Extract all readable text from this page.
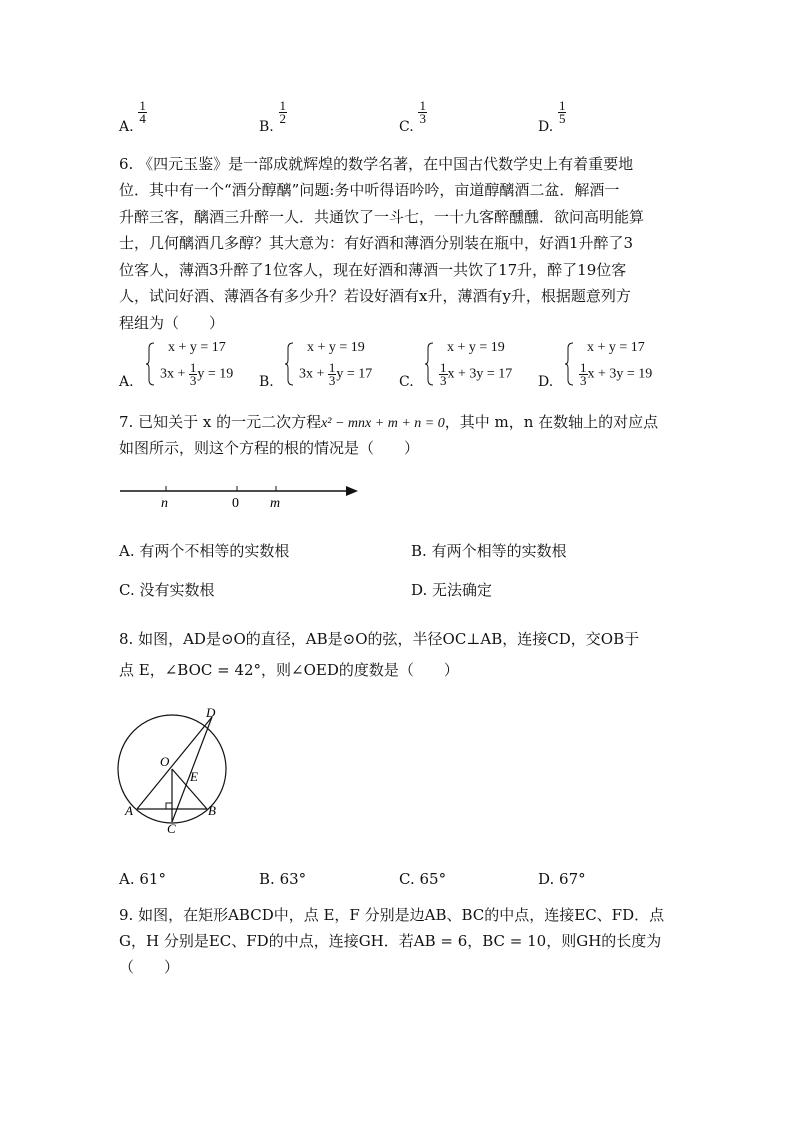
A.
$\frac{1}{4}$
B.
$\frac{1}{2}$
C.
$\frac{1}{3}$
D.
$\frac{1}{5}$
6. 《四元玉鉴》是一部成就辉煌的数学名著，在中国古代数学史上有着重要地
位．其中有一个“酒分醇醨”问题:务中听得语吟吟，亩道醇醨酒二盆．解酒一
升醉三客，醨酒三升醉一人．共通饮了一斗七，一十九客醉醺醺．欲问高明能算
士，几何醨酒几多醇？其大意为：有好酒和薄酒分别装在瓶中，好酒1升醉了3
位客人，薄酒3升醉了1位客人，现在好酒和薄酒一共饮了17升，醉了19位客
人，试问好酒、薄酒各有多少升？若设好酒有x升，薄酒有y升，根据题意列方
程组为（　　）
A.
x + y = 17
$3x + \frac{1}{3}$ y = 19 B.
x + y = 19
$3x + \frac{1}{3}$ y = 17 C.
x + y = 19
$\frac{1}{3}$ x + 3y = 17 D.
x + y = 17
$\frac{1}{3}$ x + 3y = 19
7. 已知关于 x 的一元二次方程x² − mnx + m + n = 0，其中 m，n 在数轴上的对应点
如图所示，则这个方程的根的情况是（　　）
n	0 m
A. 有两个不相等的实数根	B. 有两个相等的实数根
C. 没有实数根	D. 无法确定
8. 如图，AD是⊙O的直径，AB是⊙O的弦，半径OC⊥AB，连接CD，交OB于
点 E，∠BOC = 42°，则∠OED的度数是（　　）
D
O
E
A
C
B
A. 61°	B. 63°	C. 65°	D. 67°
9. 如图，在矩形ABCD中，点 E，F 分别是边AB、BC的中点，连接EC、FD．点
G，H 分别是EC、FD的中点，连接GH．若AB = 6，BC = 10，则GH的长度为
（　　）
